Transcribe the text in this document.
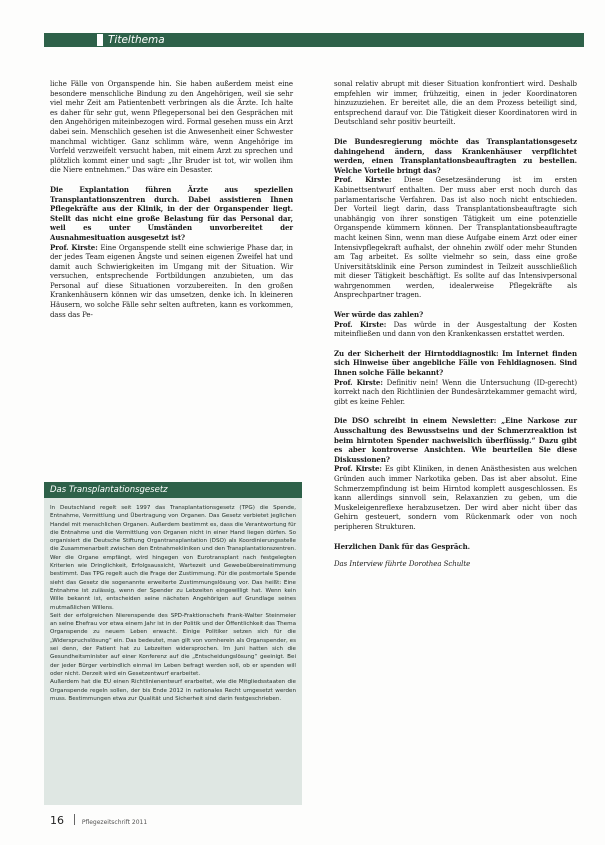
Titelthema

liche Fälle von Organspende hin. Sie haben außerdem meist eine besondere menschliche Bindung zu den Angehörigen, weil sie sehr viel mehr Zeit am Patientenbett verbringen als die Ärzte. Ich halte es daher für sehr gut, wenn Pflegepersonal bei den Gesprächen mit den Angehörigen miteinbezogen wird. Formal gesehen muss ein Arzt dabei sein. Menschlich gesehen ist die Anwesenheit einer Schwester manchmal wichtiger. Ganz schlimm wäre, wenn Angehörige im Vorfeld verzweifelt versucht haben, mit einem Arzt zu sprechen und plötzlich kommt einer und sagt: „Ihr Bruder ist tot, wir wollen ihm die Niere entnehmen.“ Das wäre ein Desaster.

Die Explantation führen Ärzte aus speziellen Transplantationszentren durch. Dabei assistieren Ihnen Pflegekräfte aus der Klinik, in der der Organspender liegt. Stellt das nicht eine große Belastung für das Personal dar, weil es unter Umständen unvorbereitet der Ausnahmesituation ausgesetzt ist?
Prof. Kirste: Eine Organspende stellt eine schwierige Phase dar, in der jedes Team eigenen Ängste und seinen eigenen Zweifel hat und damit auch Schwierigkeiten im Umgang mit der Situation. Wir versuchen, entsprechende Fortbildungen anzubieten, um das Personal auf diese Situationen vorzubereiten. In den großen Krankenhäusern können wir das umsetzen, denke ich. In kleineren Häusern, wo solche Fälle sehr selten auftreten, kann es vorkommen, dass das Pe-

Das Transplantationsgesetz

In Deutschland regelt seit 1997 das Transplantationsgesetz (TPG) die Spende, Entnahme, Vermittlung und Übertragung von Organen. Das Gesetz verbietet jeglichen Handel mit menschlichen Organen. Außerdem bestimmt es, dass die Verantwortung für die Entnahme und die Vermittlung von Organen nicht in einer Hand liegen dürfen. So organisiert die Deutsche Stiftung Organtransplantation (DSO) als Koordinierungsstelle die Zusammenarbeit zwischen den Entnahmekliniken und den Transplantationszentren. Wer die Organe empfängt, wird hingegen von Eurotransplant nach festgelegten Kriterien wie Dringlichkeit, Erfolgsaussicht, Wartezeit und Gewebeübereinstimmung bestimmt. Das TPG regelt auch die Frage der Zustimmung. Für die postmortale Spende sieht das Gesetz die sogenannte erweiterte Zustimmungslösung vor. Das heißt: Eine Entnahme ist zulässig, wenn der Spender zu Lebzeiten eingewilligt hat. Wenn kein Wille bekannt ist, entscheiden seine nächsten Angehörigen auf Grundlage seines mutmaßlichen Willens.

Seit der erfolgreichen Nierenspende des SPD-Fraktionschefs Frank-Walter Steinmeier an seine Ehefrau vor etwa einem Jahr ist in der Politik und der Öffentlichkeit das Thema Organspende zu neuem Leben erwacht. Einige Politiker setzen sich für die „Widerspruchslösung“ ein. Das bedeutet, man gilt von vornherein als Organspender, es sei denn, der Patient hat zu Lebzeiten widersprochen. Im Juni hatten sich die Gesundheitsminister auf einer Konferenz auf die „Entscheidungslösung“ geeinigt. Bei der jeder Bürger verbindlich einmal im Leben befragt werden soll, ob er spenden will oder nicht. Derzeit wird ein Gesetzentwurf erarbeitet.

Außerdem hat die EU einen Richtlinienentwurf erarbeitet, wie die Mitgliedsstaaten die Organspende regeln sollen, der bis Ende 2012 in nationales Recht umgesetzt werden muss. Bestimmungen etwa zur Qualität und Sicherheit sind darin festgeschrieben.

sonal relativ abrupt mit dieser Situation konfrontiert wird. Deshalb empfehlen wir immer, frühzeitig, einen in jeder Koordinatoren hinzuzuziehen. Er bereitet alle, die an dem Prozess beteiligt sind, entsprechend darauf vor. Die Tätigkeit dieser Koordinatoren wird in Deutschland sehr positiv beurteilt.

Die Bundesregierung möchte das Transplantationsgesetz dahingehend ändern, dass Krankenhäuser verpflichtet werden, einen Transplantationsbeauftragten zu bestellen. Welche Vorteile bringt das?
Prof. Kirste: Diese Gesetzesänderung ist im ersten Kabinettsentwurf enthalten. Der muss aber erst noch durch das parlamentarische Verfahren. Das ist also noch nicht entschieden. Der Vorteil liegt darin, dass Transplantationsbeauftragte sich unabhängig von ihrer sonstigen Tätigkeit um eine potenzielle Organspende kümmern können. Der Transplantationsbeauftragte macht keinen Sinn, wenn man diese Aufgabe einem Arzt oder einer Intensivpflegekraft aufhalst, der ohnehin zwölf oder mehr Stunden am Tag arbeitet. Es sollte vielmehr so sein, dass eine große Universitätsklinik eine Person zumindest in Teilzeit ausschließlich mit dieser Tätigkeit beschäftigt. Es sollte auf das Intensivpersonal wahrgenommen werden, idealerweise Pflegekräfte als Ansprechpartner tragen.

Wer würde das zahlen?
Prof. Kirste: Das würde in der Ausgestaltung der Kosten miteinfließen und dann von den Krankenkassen erstattet werden.

Zu der Sicherheit der Hirntoddiagnostik: Im Internet finden sich Hinweise über angebliche Fälle von Fehldiagnosen. Sind Ihnen solche Fälle bekannt?
Prof. Kirste: Definitiv nein! Wenn die Untersuchung (ID-gerecht) korrekt nach den Richtlinien der Bundesärztekammer gemacht wird, gibt es keine Fehler.

Die DSO schreibt in einem Newsletter: „Eine Narkose zur Ausschaltung des Bewusstseins und der Schmerzreaktion ist beim hirntoten Spender nachweislich überflüssig.“ Dazu gibt es aber kontroverse Ansichten. Wie beurteilen Sie diese Diskussionen?
Prof. Kirste: Es gibt Kliniken, in denen Anästhesisten aus welchen Gründen auch immer Narkotika geben. Das ist aber absolut. Eine Schmerzempfindung ist beim Hirntod komplett ausgeschlossen. Es kann allerdings sinnvoll sein, Relaxanzien zu geben, um die Muskeleigenreflexe herabzusetzen. Der wird aber nicht über das Gehirn gesteuert, sondern vom Rückenmark oder von noch peripheren Strukturen.

Herzlichen Dank für das Gespräch.

Das Interview führte Dorothea Schulte

16	Pflegezeitschrift 2011
